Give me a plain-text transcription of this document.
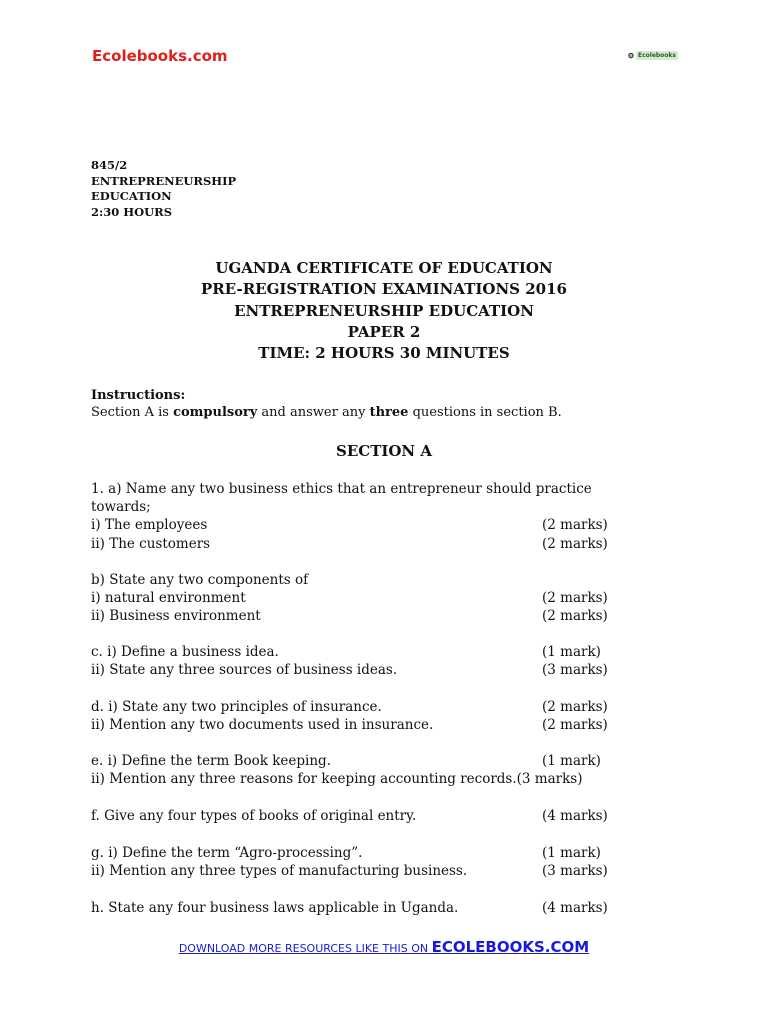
Ecolebooks.com	Ecolebooks
845/2
ENTREPRENEURSHIP
EDUCATION
2:30 HOURS
UGANDA CERTIFICATE OF EDUCATION
PRE-REGISTRATION EXAMINATIONS 2016
ENTREPRENEURSHIP EDUCATION
PAPER 2
TIME: 2 HOURS 30 MINUTES
Instructions:
Section A is compulsory and answer any three questions in section B.
SECTION A
1. a) Name any two business ethics that an entrepreneur should practice
towards;
i) The employees	(2 marks)
ii) The customers	(2 marks)
b) State any two components of
i) natural environment	(2 marks)
ii) Business environment	(2 marks)
c. i) Define a business idea.	(1 mark)
ii) State any three sources of business ideas.	(3 marks)
d. i) State any two principles of insurance.	(2 marks)
ii) Mention any two documents used in insurance.	(2 marks)
e. i) Define the term Book keeping.	(1 mark)
ii) Mention any three reasons for keeping accounting records.(3 marks)
f. Give any four types of books of original entry.	(4 marks)
g. i) Define the term “Agro-processing”.	(1 mark)
ii) Mention any three types of manufacturing business.	(3 marks)
h. State any four business laws applicable in Uganda.	(4 marks)
DOWNLOAD MORE RESOURCES LIKE THIS ON ECOLEBOOKS.COM
